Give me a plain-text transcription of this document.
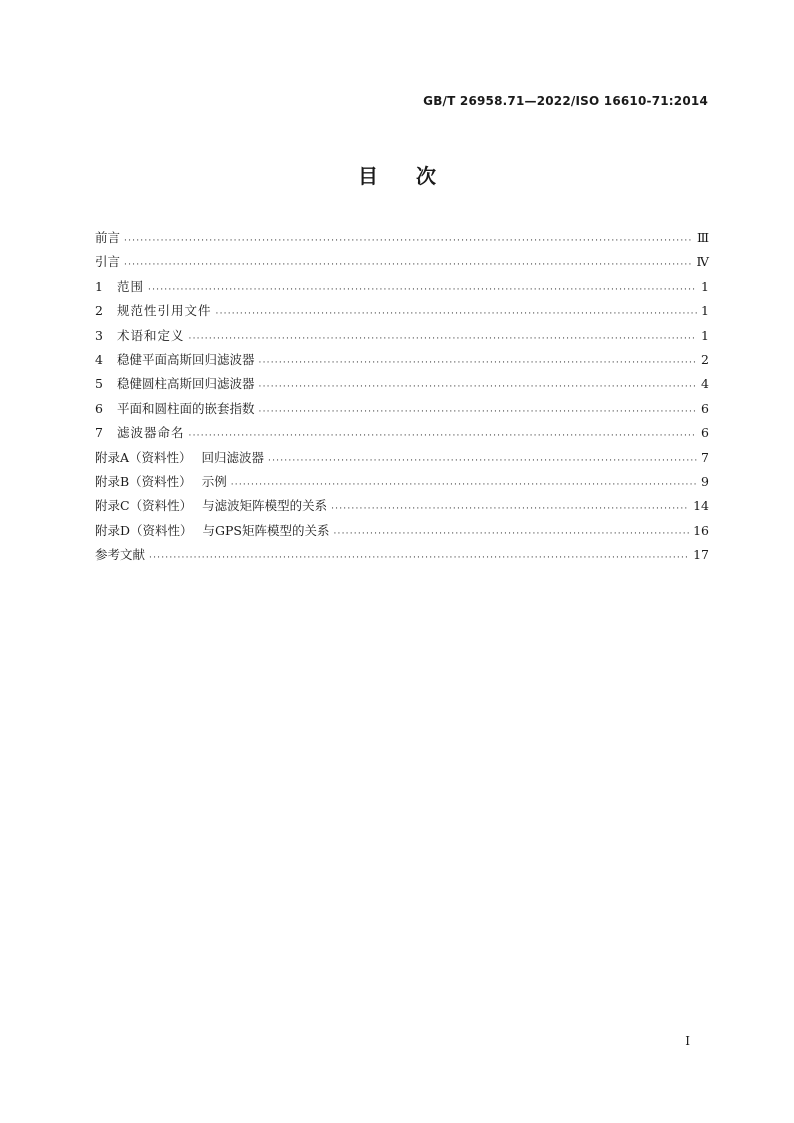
GB/T 26958.71—2022/ISO 16610-71:2014
目次
前言 ·····	Ⅲ
引言 ·····	Ⅳ
1	范围 ·····	1
2	规范性引用文件 ·····	1
3	术语和定义 ·····	1
4	稳健平面高斯回归滤波器 ·····	2
5	稳健圆柱高斯回归滤波器 ·····	4
6	平面和圆柱面的嵌套指数 ·····	6
7	滤波器命名 ·····	6
附录A（资料性） 回归滤波器 ·····	7
附录B（资料性） 示例 ·····	9
附录C（资料性） 与滤波矩阵模型的关系 ·····	14
附录D（资料性） 与GPS矩阵模型的关系 ·····	16
参考文献 ·····	17
I
